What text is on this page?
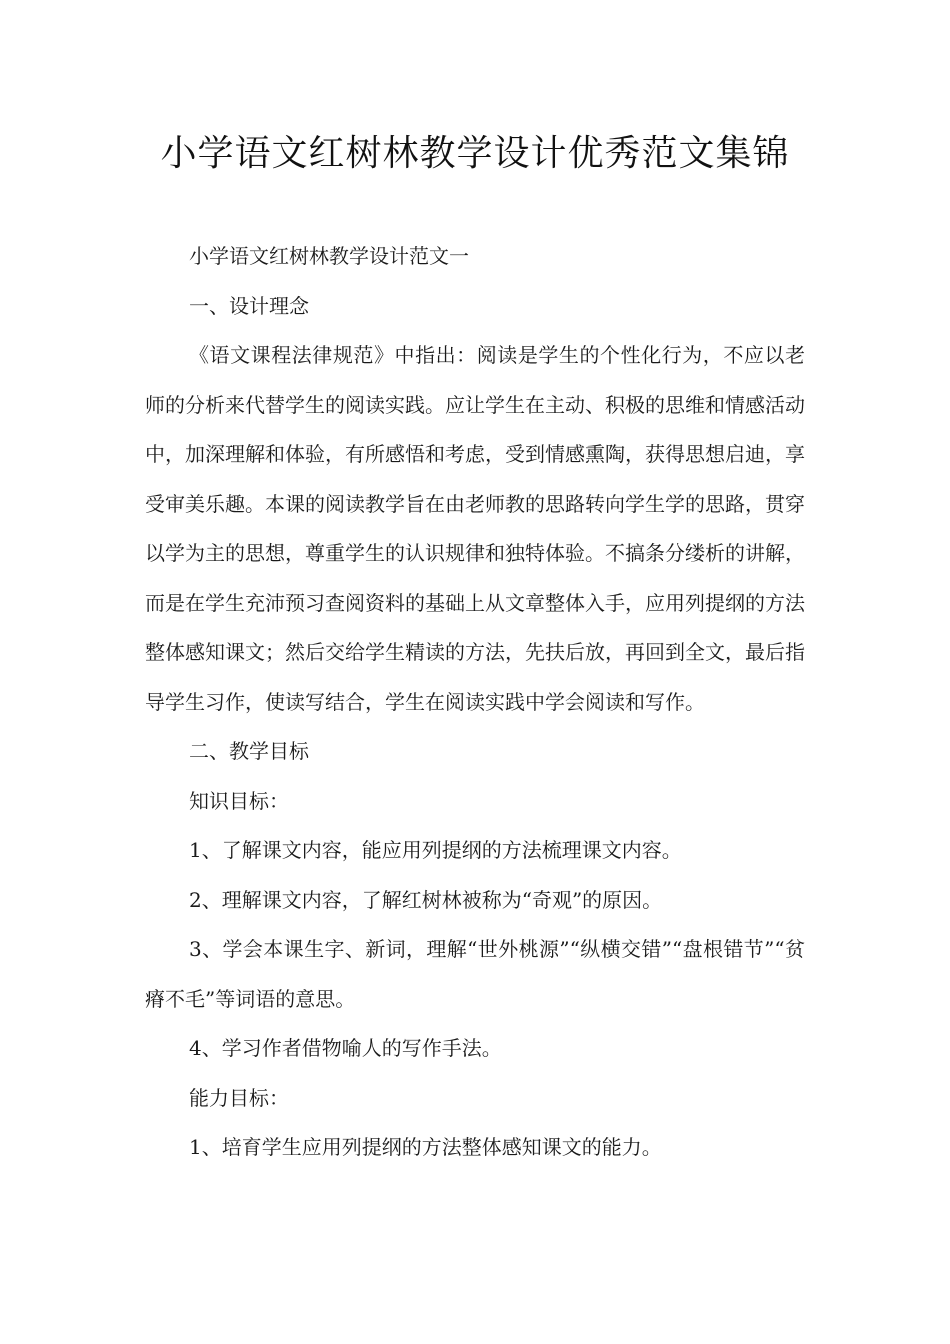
小学语文红树林教学设计优秀范文集锦

小学语文红树林教学设计范文一

一、设计理念

《语文课程法律规范》中指出：阅读是学生的个性化行为，不应以老师的分析来代替学生的阅读实践。应让学生在主动、积极的思维和情感活动中，加深理解和体验，有所感悟和考虑，受到情感熏陶，获得思想启迪，享受审美乐趣。本课的阅读教学旨在由老师教的思路转向学生学的思路，贯穿以学为主的思想，尊重学生的认识规律和独特体验。不搞条分缕析的讲解，而是在学生充沛预习查阅资料的基础上从文章整体入手，应用列提纲的方法整体感知课文；然后交给学生精读的方法，先扶后放，再回到全文，最后指导学生习作，使读写结合，学生在阅读实践中学会阅读和写作。

二、教学目标

知识目标：

1、了解课文内容，能应用列提纲的方法梳理课文内容。

2、理解课文内容，了解红树林被称为“奇观”的原因。

3、学会本课生字、新词，理解“世外桃源”“纵横交错”“盘根错节”“贫瘠不毛”等词语的意思。

4、学习作者借物喻人的写作手法。

能力目标：

1、培育学生应用列提纲的方法整体感知课文的能力。
